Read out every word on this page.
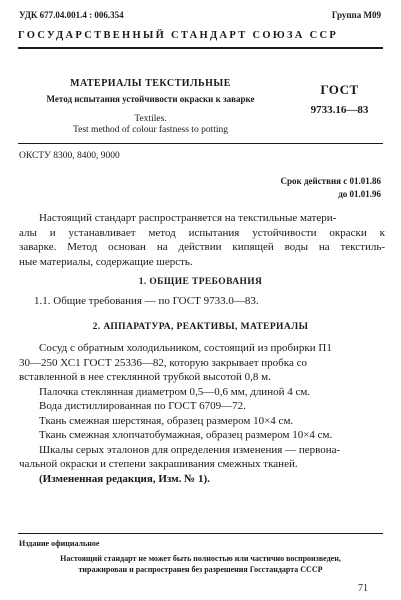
УДК 677.04.001.4 : 006.354	Группа М09
ГОСУДАРСТВЕННЫЙ СТАНДАРТ СОЮЗА ССР
МАТЕРИАЛЫ ТЕКСТИЛЬНЫЕ
Метод испытания устойчивости окраски к заварке
Textiles.
Test method of colour fastness to potting
ГОСТ
9733.16—83
ОКСТУ 8300, 8400, 9000
Срок действия с 01.01.86
до 01.01.96
Настоящий стандарт распространяется на текстильные матери-
алы и устанавливает метод испытания устойчивости окраски к
заварке. Метод основан на действии кипящей воды на текстиль-
ные материалы, содержащие шерсть.
1. ОБЩИЕ ТРЕБОВАНИЯ
1.1. Общие требования — по ГОСТ 9733.0—83.
2. АППАРАТУРА, РЕАКТИВЫ, МАТЕРИАЛЫ
Сосуд с обратным холодильником, состоящий из пробирки П1
30—250 ХС1 ГОСТ 25336—82, которую закрывает пробка со
вставленной в нее стеклянной трубкой высотой 0,8 м.
Палочка стеклянная диаметром 0,5—0,6 мм, длиной 4 см.
Вода дистиллированная по ГОСТ 6709—72.
Ткань смежная шерстяная, образец размером 10×4 см.
Ткань смежная хлопчатобумажная, образец размером 10×4 см.
Шкалы серых эталонов для определения изменения — первона-
чальной окраски и степени закрашивания смежных тканей.
(Измененная редакция, Изм. № 1).
Издание официальное
Настоящий стандарт не может быть полностью или частично воспроизведен,
тиражирован и распространен без разрешения Госстандарта СССР
71
